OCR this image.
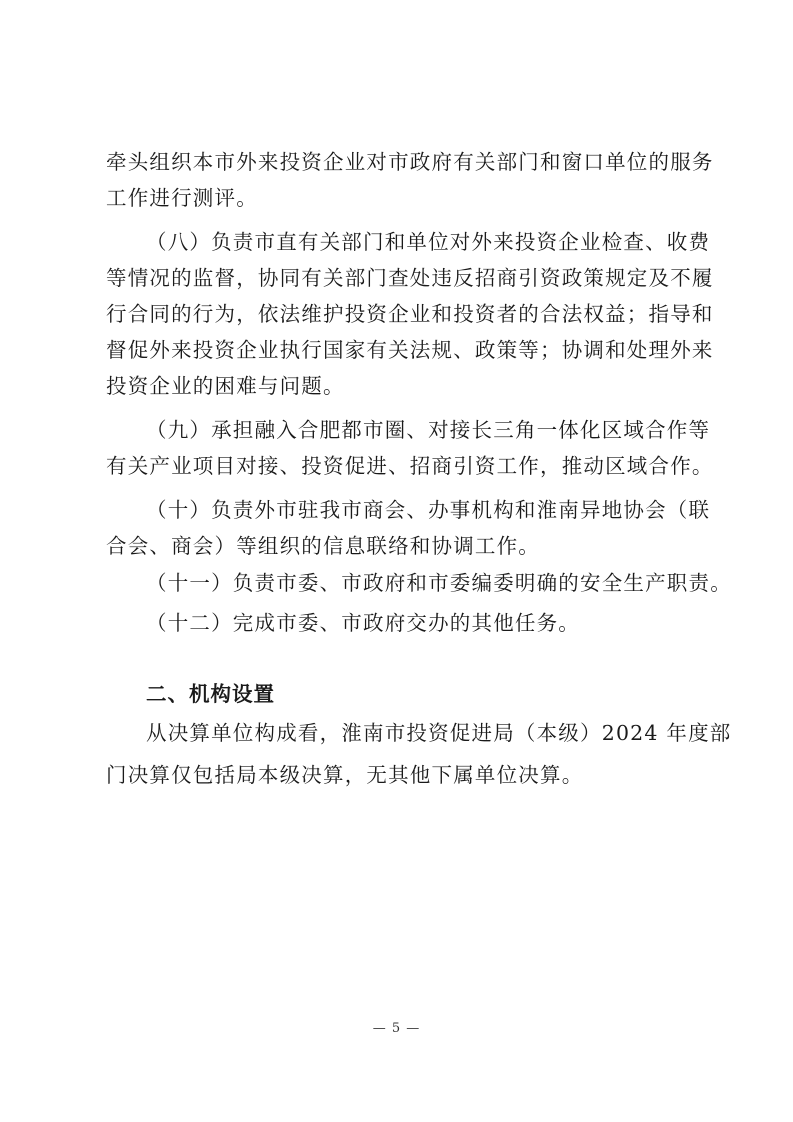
牵头组织本市外来投资企业对市政府有关部门和窗口单位的服务
工作进行测评。
（八）负责市直有关部门和单位对外来投资企业检查、收费
等情况的监督，协同有关部门查处违反招商引资政策规定及不履
行合同的行为，依法维护投资企业和投资者的合法权益；指导和
督促外来投资企业执行国家有关法规、政策等；协调和处理外来
投资企业的困难与问题。
（九）承担融入合肥都市圈、对接长三角一体化区域合作等
有关产业项目对接、投资促进、招商引资工作，推动区域合作。
（十）负责外市驻我市商会、办事机构和淮南异地协会（联
合会、商会）等组织的信息联络和协调工作。
（十一）负责市委、市政府和市委编委明确的安全生产职责。
（十二）完成市委、市政府交办的其他任务。
二、机构设置
从决算单位构成看，淮南市投资促进局（本级）2024 年度部
门决算仅包括局本级决算，无其他下属单位决算。
— 5 —
